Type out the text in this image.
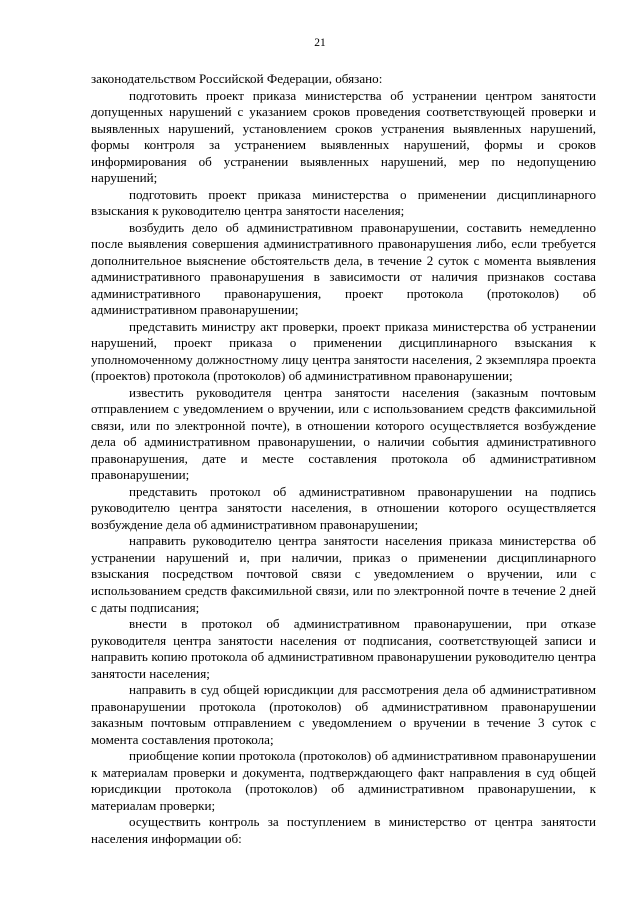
21

законодательством Российской Федерации, обязано:

подготовить проект приказа министерства об устранении центром занятости допущенных нарушений с указанием сроков проведения соответствующей проверки и выявленных нарушений, установлением сроков устранения выявленных нарушений, формы контроля за устранением выявленных нарушений, формы и сроков информирования об устранении выявленных нарушений, мер по недопущению нарушений;

подготовить проект приказа министерства о применении дисциплинарного взыскания к руководителю центра занятости населения;

возбудить дело об административном правонарушении, составить немедленно после выявления совершения административного правонарушения либо, если требуется дополнительное выяснение обстоятельств дела, в течение 2 суток с момента выявления административного правонарушения в зависимости от наличия признаков состава административного правонарушения, проект протокола (протоколов) об административном правонарушении;

представить министру акт проверки, проект приказа министерства об устранении нарушений, проект приказа о применении дисциплинарного взыскания к уполномоченному должностному лицу центра занятости населения, 2 экземпляра проекта (проектов) протокола (протоколов) об административном правонарушении;

известить руководителя центра занятости населения (заказным почтовым отправлением с уведомлением о вручении, или с использованием средств факсимильной связи, или по электронной почте), в отношении которого осуществляется возбуждение дела об административном правонарушении, о наличии события административного правонарушения, дате и месте составления протокола об административном правонарушении;

представить протокол об административном правонарушении на подпись руководителю центра занятости населения, в отношении которого осуществляется возбуждение дела об административном правонарушении;

направить руководителю центра занятости населения приказа министерства об устранении нарушений и, при наличии, приказ о применении дисциплинарного взыскания посредством почтовой связи с уведомлением о вручении, или с использованием средств факсимильной связи, или по электронной почте в течение 2 дней с даты подписания;

внести в протокол об административном правонарушении, при отказе руководителя центра занятости населения от подписания, соответствующей записи и направить копию протокола об административном правонарушении руководителю центра занятости населения;

направить в суд общей юрисдикции для рассмотрения дела об административном правонарушении протокола (протоколов) об административном правонарушении заказным почтовым отправлением с уведомлением о вручении в течение 3 суток с момента составления протокола;

приобщение копии протокола (протоколов) об административном правонарушении к материалам проверки и документа, подтверждающего факт направления в суд общей юрисдикции протокола (протоколов) об административном правонарушении, к материалам проверки;

осуществить контроль за поступлением в министерство от центра занятости населения информации об:
